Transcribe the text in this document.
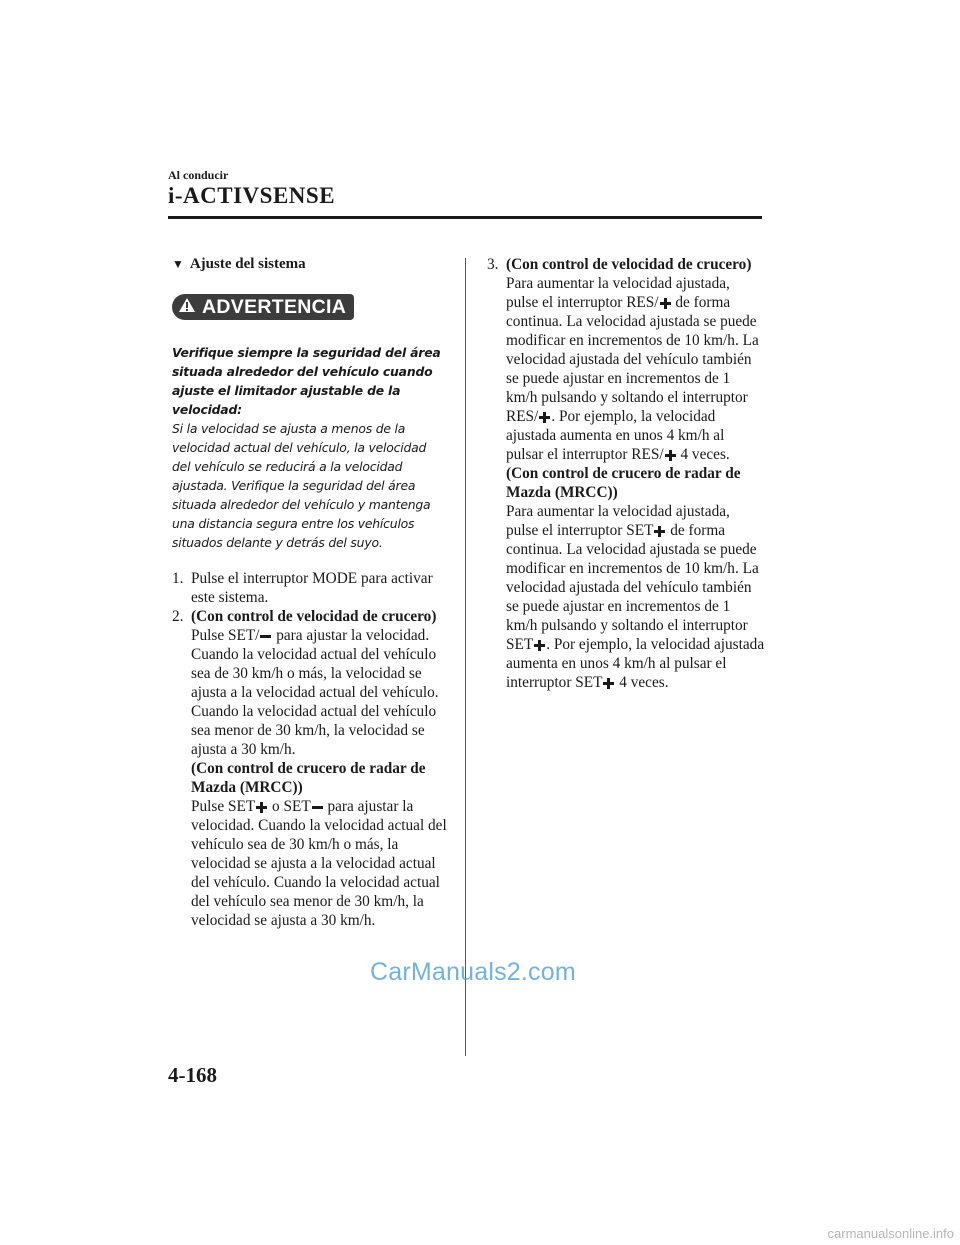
Al conducir
i-ACTIVSENSE
▼ Ajuste del sistema
ADVERTENCIA
Verifique siempre la seguridad del área situada alrededor del vehículo cuando ajuste el limitador ajustable de la velocidad:
Si la velocidad se ajusta a menos de la velocidad actual del vehículo, la velocidad del vehículo se reducirá a la velocidad ajustada. Verifique la seguridad del área situada alrededor del vehículo y mantenga una distancia segura entre los vehículos situados delante y detrás del suyo.
1. Pulse el interruptor MODE para activar este sistema.
2. (Con control de velocidad de crucero)
Pulse SET/ para ajustar la velocidad. Cuando la velocidad actual del vehículo sea de 30 km/h o más, la velocidad se ajusta a la velocidad actual del vehículo. Cuando la velocidad actual del vehículo sea menor de 30 km/h, la velocidad se ajusta a 30 km/h.
(Con control de crucero de radar de Mazda (MRCC))
Pulse SET o SET para ajustar la velocidad. Cuando la velocidad actual del vehículo sea de 30 km/h o más, la velocidad se ajusta a la velocidad actual del vehículo. Cuando la velocidad actual del vehículo sea menor de 30 km/h, la velocidad se ajusta a 30 km/h.
3. (Con control de velocidad de crucero)
Para aumentar la velocidad ajustada, pulse el interruptor RES/ de forma continua. La velocidad ajustada se puede modificar en incrementos de 10 km/h. La velocidad ajustada del vehículo también se puede ajustar en incrementos de 1 km/h pulsando y soltando el interruptor RES/ . Por ejemplo, la velocidad ajustada aumenta en unos 4 km/h al pulsar el interruptor RES/ 4 veces.
(Con control de crucero de radar de Mazda (MRCC))
Para aumentar la velocidad ajustada, pulse el interruptor SET de forma continua. La velocidad ajustada se puede modificar en incrementos de 10 km/h. La velocidad ajustada del vehículo también se puede ajustar en incrementos de 1 km/h pulsando y soltando el interruptor SET . Por ejemplo, la velocidad ajustada aumenta en unos 4 km/h al pulsar el interruptor SET 4 veces.
CarManuals2.com
4-168
carmanualsonline.info
